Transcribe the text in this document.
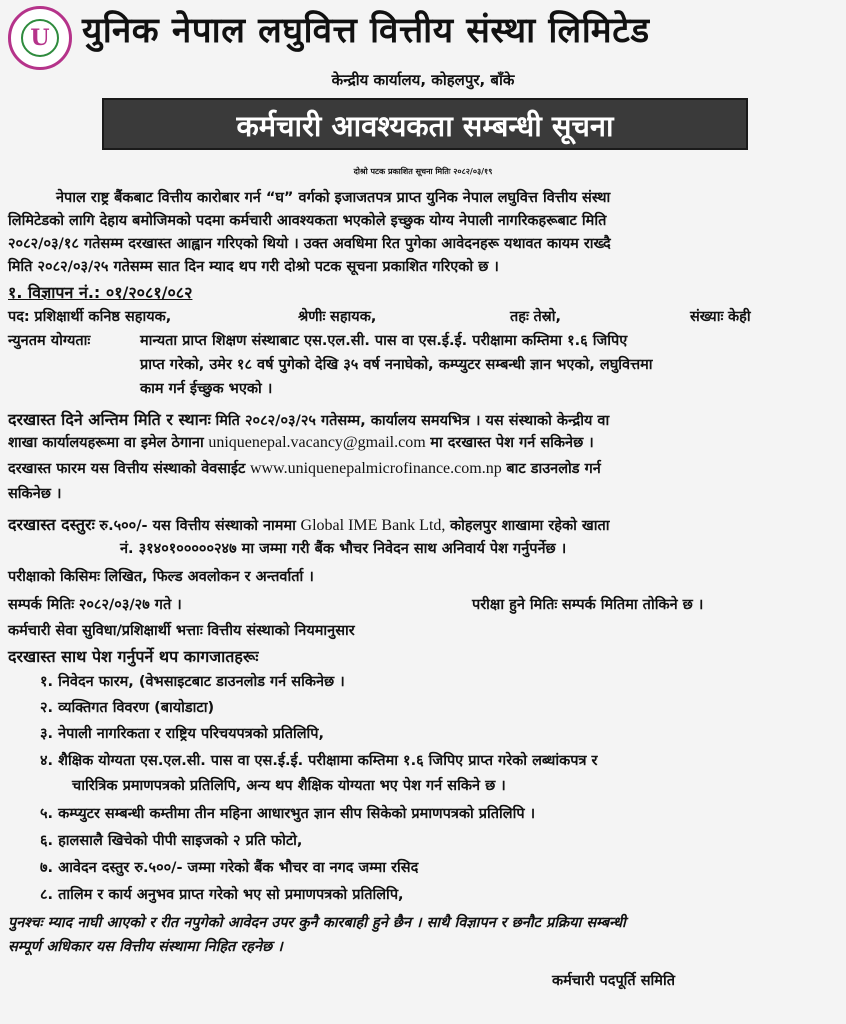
U युनिक नेपाल लघुवित्त वित्तीय संस्था लिमिटेड
केन्द्रीय कार्यालय, कोहलपुर, बाँके
कर्मचारी आवश्यकता सम्बन्धी सूचना
दोश्रो पटक प्रकाशित सूचना मितिः २०८२/०३/१९
नेपाल राष्ट्र बैंकबाट वित्तीय कारोबार गर्न “घ” वर्गको इजाजतपत्र प्राप्त युनिक नेपाल लघुवित्त वित्तीय संस्था
लिमिटेडको लागि देहाय बमोजिमको पदमा कर्मचारी आवश्यकता भएकोले इच्छुक योग्य नेपाली नागरिकहरूबाट मिति
२०८२/०३/१८ गतेसम्म दरखास्त आह्वान गरिएको थियो । उक्त अवधिमा रित पुगेका आवेदनहरू यथावत कायम राख्दै
मिति २०८२/०३/२५ गतेसम्म सात दिन म्याद थप गरी दोश्रो पटक सूचना प्रकाशित गरिएको छ ।
१. विज्ञापन नं.: ०१/२०८१/०८२
पद: प्रशिक्षार्थी कनिष्ठ सहायक,	श्रेणीः सहायक,	तहः तेस्रो,	संख्याः केही
न्युनतम योग्यताः	मान्यता प्राप्त शिक्षण संस्थाबाट एस.एल.सी. पास वा एस.ई.ई. परीक्षामा कम्तिमा १.६ जिपिए
प्राप्त गरेको, उमेर १८ वर्ष पुगेको देखि ३५ वर्ष ननाघेको, कम्प्युटर सम्बन्धी ज्ञान भएको, लघुवित्तमा
काम गर्न ईच्छुक भएको ।
दरखास्त दिने अन्तिम मिति र स्थानः मिति २०८२/०३/२५ गतेसम्म, कार्यालय समयभित्र । यस संस्थाको केन्द्रीय वा
शाखा कार्यालयहरूमा वा इमेल ठेगाना uniquenepal.vacancy@gmail.com मा दरखास्त पेश गर्न सकिनेछ ।
दरखास्त फारम यस वित्तीय संस्थाको वेवसाईट www.uniquenepalmicrofinance.com.np बाट डाउनलोड गर्न
सकिनेछ ।
दरखास्त दस्तुरः रु.५००/- यस वित्तीय संस्थाको नाममा Global IME Bank Ltd, कोहलपुर शाखामा रहेको खाता
नं. ३१४०१०००००२४७ मा जम्मा गरी बैंक भौचर निवेदन साथ अनिवार्य पेश गर्नुपर्नेछ ।
परीक्षाको किसिमः लिखित, फिल्ड अवलोकन र अन्तर्वार्ता ।
सम्पर्क मितिः २०८२/०३/२७ गते ।	परीक्षा हुने मितिः सम्पर्क मितिमा तोकिने छ ।
कर्मचारी सेवा सुविधा/प्रशिक्षार्थी भत्ताः वित्तीय संस्थाको नियमानुसार
दरखास्त साथ पेश गर्नुपर्ने थप कागजातहरूः
१. निवेदन फारम, (वेभसाइटबाट डाउनलोड गर्न सकिनेछ ।
२. व्यक्तिगत विवरण (बायोडाटा)
३. नेपाली नागरिकता र राष्ट्रिय परिचयपत्रको प्रतिलिपि,
४. शैक्षिक योग्यता एस.एल.सी. पास वा एस.ई.ई. परीक्षामा कम्तिमा १.६ जिपिए प्राप्त गरेको लब्धांकपत्र र
चारित्रिक प्रमाणपत्रको प्रतिलिपि, अन्य थप शैक्षिक योग्यता भए पेश गर्न सकिने छ ।
५. कम्प्युटर सम्बन्धी कम्तीमा तीन महिना आधारभुत ज्ञान सीप सिकेको प्रमाणपत्रको प्रतिलिपि ।
६. हालसालै खिचेको पीपी साइजको २ प्रति फोटो,
७. आवेदन दस्तुर रु.५००/- जम्मा गरेको बैंक भौचर वा नगद जम्मा रसिद
८. तालिम र कार्य अनुभव प्राप्त गरेको भए सो प्रमाणपत्रको प्रतिलिपि,
पुनश्चः म्याद नाघी आएको र रीत नपुगेको आवेदन उपर कुनै कारबाही हुने छैन । साथै विज्ञापन र छनौट प्रक्रिया सम्बन्धी
सम्पूर्ण अधिकार यस वित्तीय संस्थामा निहित रहनेछ ।
कर्मचारी पदपूर्ति समिति
